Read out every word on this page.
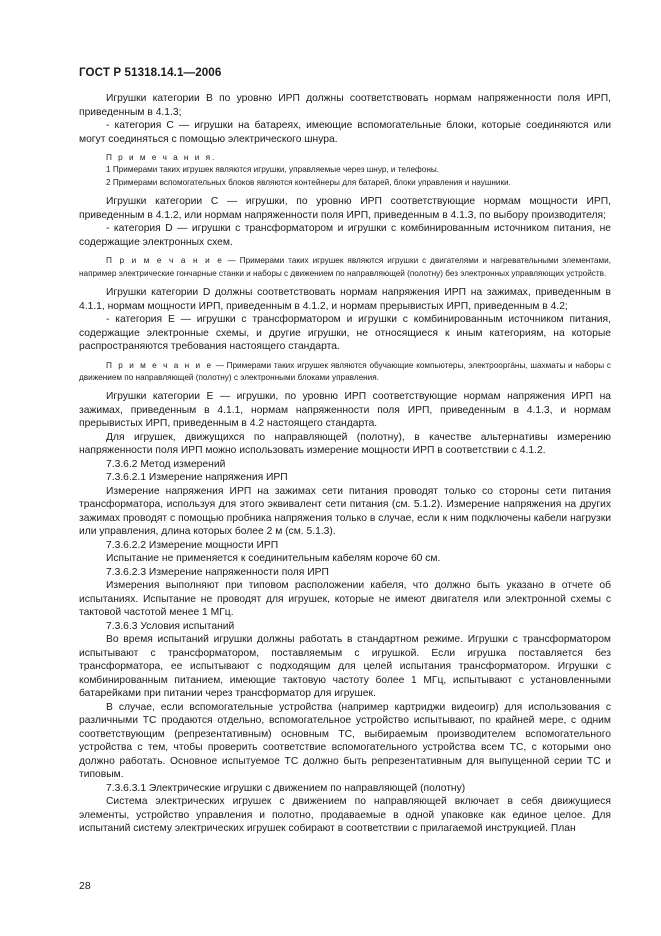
ГОСТ Р 51318.14.1—2006

Игрушки категории В по уровню ИРП должны соответствовать нормам напряженности поля ИРП, приведенным в 4.1.3;

- категория С — игрушки на батареях, имеющие вспомогательные блоки, которые соединяются или могут соединяться с помощью электрического шнура.

П р и м е ч а н и я.

1 Примерами таких игрушек являются игрушки, управляемые через шнур, и телефоны.

2 Примерами вспомогательных блоков являются контейнеры для батарей, блоки управления и наушники.

Игрушки категории С — игрушки, по уровню ИРП соответствующие нормам мощности ИРП, приведенным в 4.1.2, или нормам напряженности поля ИРП, приведенным в 4.1.3, по выбору производителя;

- категория D — игрушки с трансформатором и игрушки с комбинированным источником питания, не содержащие электронных схем.

П р и м е ч а н и е — Примерами таких игрушек являются игрушки с двигателями и нагревательными элементами, например электрические гончарные станки и наборы с движением по направляющей (полотну) без электронных управляющих устройств.

Игрушки категории D должны соответствовать нормам напряжения ИРП на зажимах, приведенным в 4.1.1, нормам мощности ИРП, приведенным в 4.1.2, и нормам прерывистых ИРП, приведенным в 4.2;

- категория Е — игрушки с трансформатором и игрушки с комбинированным источником питания, содержащие электронные схемы, и другие игрушки, не относящиеся к иным категориям, на которые распространяются требования настоящего стандарта.

П р и м е ч а н и е — Примерами таких игрушек являются обучающие компьютеры, электрооргáны, шахматы и наборы с движением по направляющей (полотну) с электронными блоками управления.

Игрушки категории Е — игрушки, по уровню ИРП соответствующие нормам напряжения ИРП на зажимах, приведенным в 4.1.1, нормам напряженности поля ИРП, приведенным в 4.1.3, и нормам прерывистых ИРП, приведенным в 4.2 настоящего стандарта.

Для игрушек, движущихся по направляющей (полотну), в качестве альтернативы измерению напряженности поля ИРП можно использовать измерение мощности ИРП в соответствии с 4.1.2.

7.3.6.2 Метод измерений

7.3.6.2.1 Измерение напряжения ИРП

Измерение напряжения ИРП на зажимах сети питания проводят только со стороны сети питания трансформатора, используя для этого эквивалент сети питания (см. 5.1.2). Измерение напряжения на других зажимах проводят с помощью пробника напряжения только в случае, если к ним подключены кабели нагрузки или управления, длина которых более 2 м (см. 5.1.3).

7.3.6.2.2 Измерение мощности ИРП

Испытание не применяется к соединительным кабелям короче 60 см.

7.3.6.2.3 Измерение напряженности поля ИРП

Измерения выполняют при типовом расположении кабеля, что должно быть указано в отчете об испытаниях. Испытание не проводят для игрушек, которые не имеют двигателя или электронной схемы с тактовой частотой менее 1 МГц.

7.3.6.3 Условия испытаний

Во время испытаний игрушки должны работать в стандартном режиме. Игрушки с трансформатором испытывают с трансформатором, поставляемым с игрушкой. Если игрушка поставляется без трансформатора, ее испытывают с подходящим для целей испытания трансформатором. Игрушки с комбинированным питанием, имеющие тактовую частоту более 1 МГц, испытывают с установленными батарейками при питании через трансформатор для игрушек.

В случае, если вспомогательные устройства (например картриджи видеоигр) для использования с различными ТС продаются отдельно, вспомогательное устройство испытывают, по крайней мере, с одним соответствующим (репрезентативным) основным ТС, выбираемым производителем вспомогательного устройства с тем, чтобы проверить соответствие вспомогательного устройства всем ТС, с которыми оно должно работать. Основное испытуемое ТС должно быть репрезентативным для выпущенной серии ТС и типовым.

7.3.6.3.1 Электрические игрушки с движением по направляющей (полотну)

Система электрических игрушек с движением по направляющей включает в себя движущиеся элементы, устройство управления и полотно, продаваемые в одной упаковке как единое целое. Для испытаний систему электрических игрушек собирают в соответствии с прилагаемой инструкцией. План

28
